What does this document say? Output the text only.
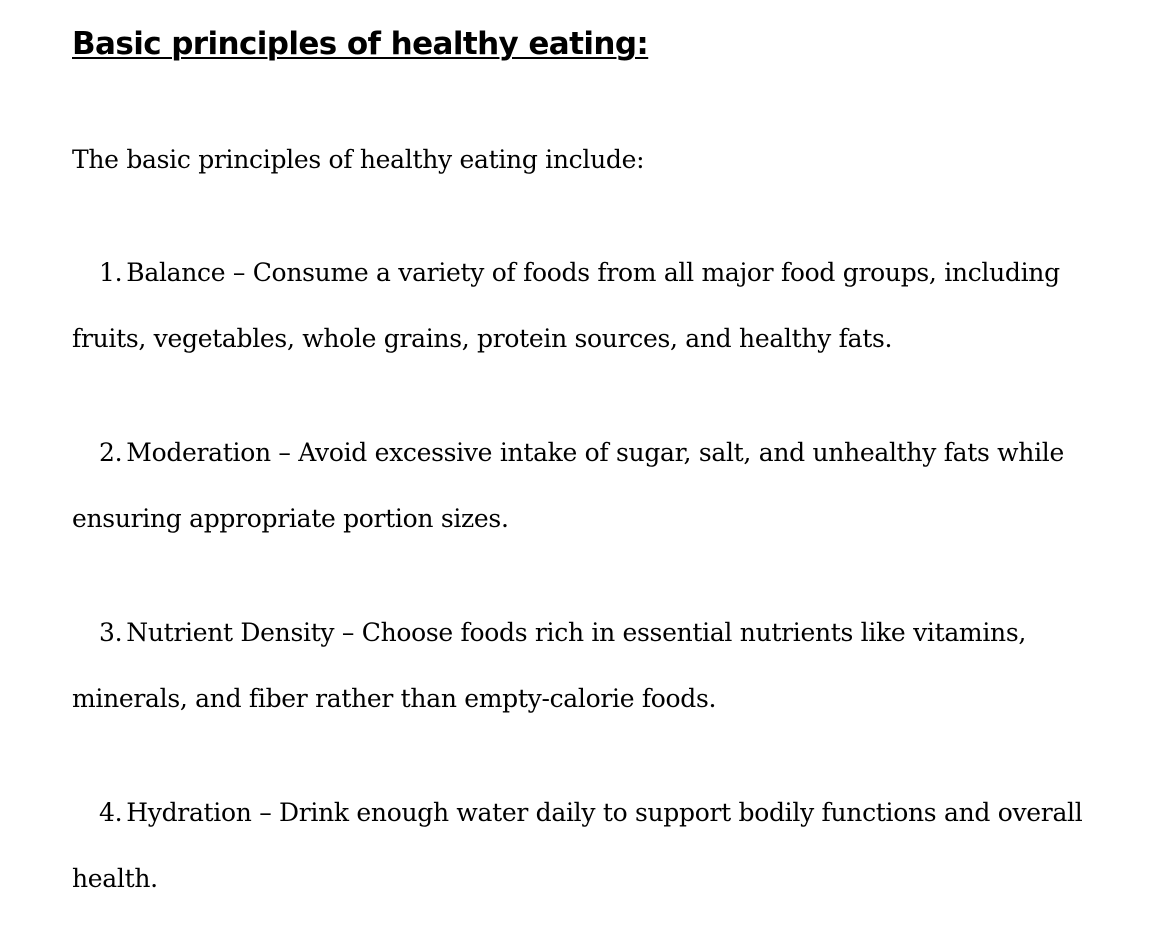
Basic principles of healthy eating:

The basic principles of healthy eating include:

1. Balance – Consume a variety of foods from all major food groups, including fruits, vegetables, whole grains, protein sources, and healthy fats.

2. Moderation – Avoid excessive intake of sugar, salt, and unhealthy fats while ensuring appropriate portion sizes.

3. Nutrient Density – Choose foods rich in essential nutrients like vitamins, minerals, and fiber rather than empty-calorie foods.

4. Hydration – Drink enough water daily to support bodily functions and overall health.
